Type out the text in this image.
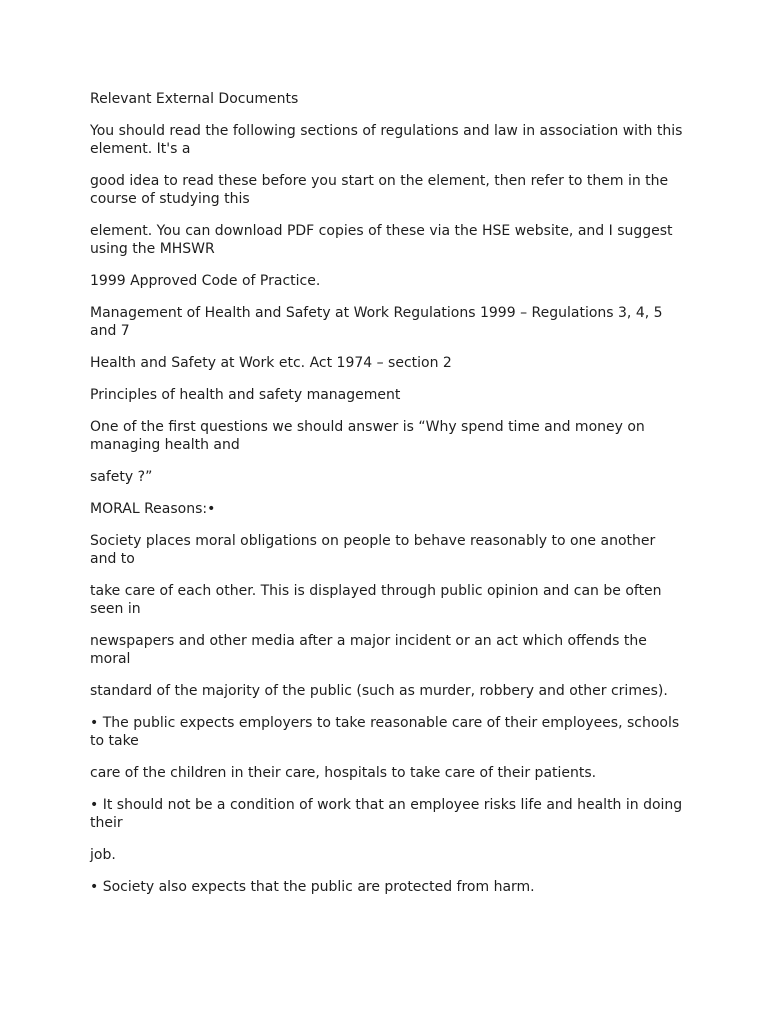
Relevant External Documents

You should read the following sections of regulations and law in association with this
element. It's a

good idea to read these before you start on the element, then refer to them in the
course of studying this

element. You can download PDF copies of these via the HSE website, and I suggest
using the MHSWR

1999 Approved Code of Practice.

Management of Health and Safety at Work Regulations 1999 – Regulations 3, 4, 5
and 7

Health and Safety at Work etc. Act 1974 – section 2

Principles of health and safety management

One of the first questions we should answer is “Why spend time and money on
managing health and

safety ?”

MORAL Reasons:•

Society places moral obligations on people to behave reasonably to one another
and to

take care of each other. This is displayed through public opinion and can be often
seen in

newspapers and other media after a major incident or an act which offends the
moral

standard of the majority of the public (such as murder, robbery and other crimes).

• The public expects employers to take reasonable care of their employees, schools
to take

care of the children in their care, hospitals to take care of their patients.

• It should not be a condition of work that an employee risks life and health in doing
their

job.

• Society also expects that the public are protected from harm.
